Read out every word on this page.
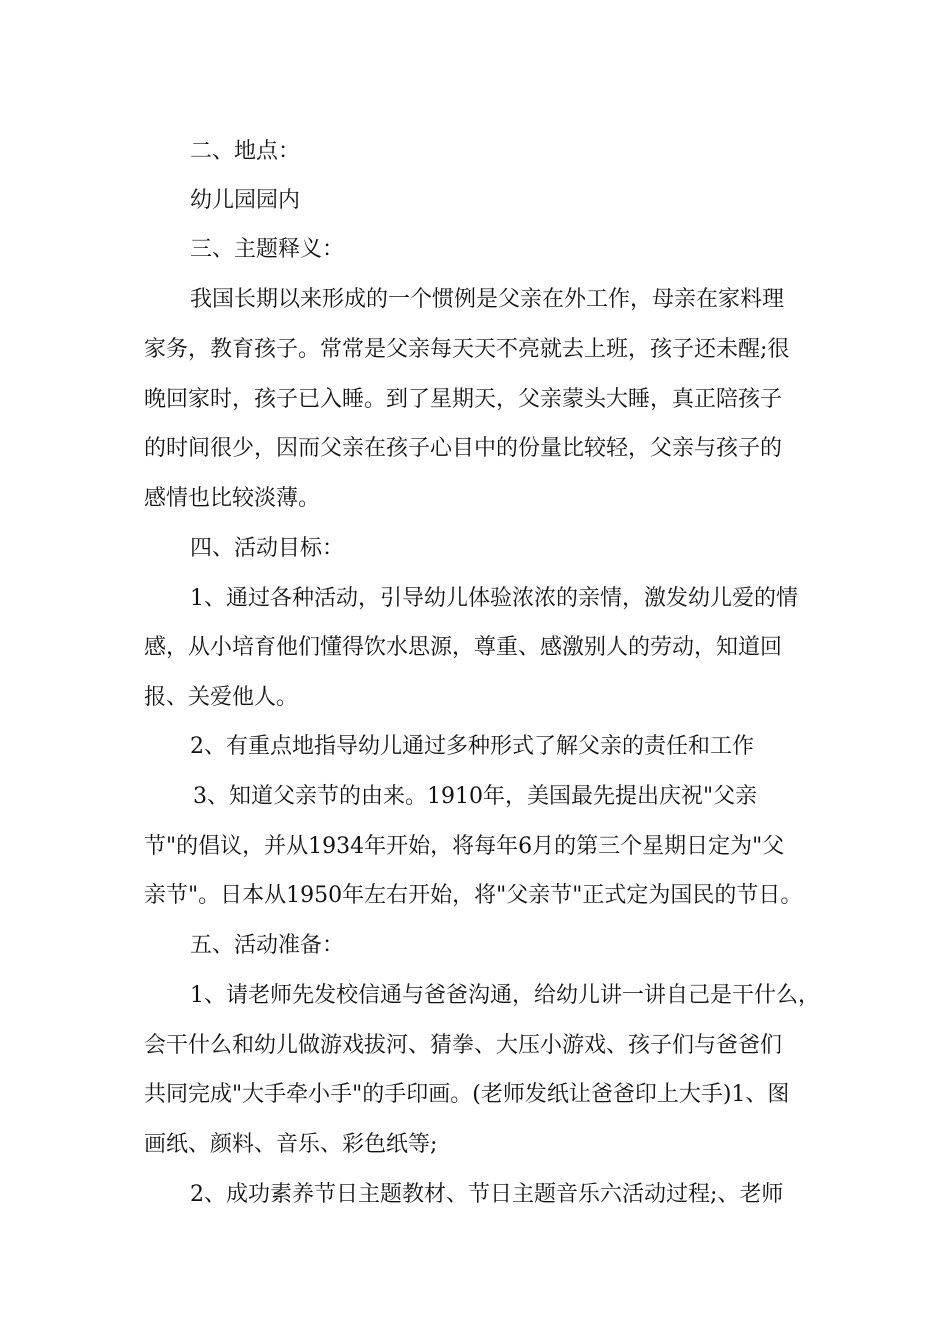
二、地点：
幼儿园园内
三、主题释义：
我国长期以来形成的一个惯例是父亲在外工作，母亲在家料理
家务，教育孩子。常常是父亲每天天不亮就去上班，孩子还未醒;很
晚回家时，孩子已入睡。到了星期天，父亲蒙头大睡，真正陪孩子
的时间很少，因而父亲在孩子心目中的份量比较轻，父亲与孩子的
感情也比较淡薄。
四、活动目标：
1、通过各种活动，引导幼儿体验浓浓的亲情，激发幼儿爱的情
感，从小培育他们懂得饮水思源，尊重、感激别人的劳动，知道回
报、关爱他人。
2、有重点地指导幼儿通过多种形式了解父亲的责任和工作
3、知道父亲节的由来。1910年，美国最先提出庆祝"父亲
节"的倡议，并从1934年开始，将每年6月的第三个星期日定为"父
亲节"。日本从1950年左右开始，将"父亲节"正式定为国民的节日。
五、活动准备：
1、请老师先发校信通与爸爸沟通，给幼儿讲一讲自己是干什么，
会干什么和幼儿做游戏拔河、猜拳、大压小游戏、孩子们与爸爸们
共同完成"大手牵小手"的手印画。(老师发纸让爸爸印上大手)1、图
画纸、颜料、音乐、彩色纸等;
2、成功素养节日主题教材、节日主题音乐六活动过程;、老师
